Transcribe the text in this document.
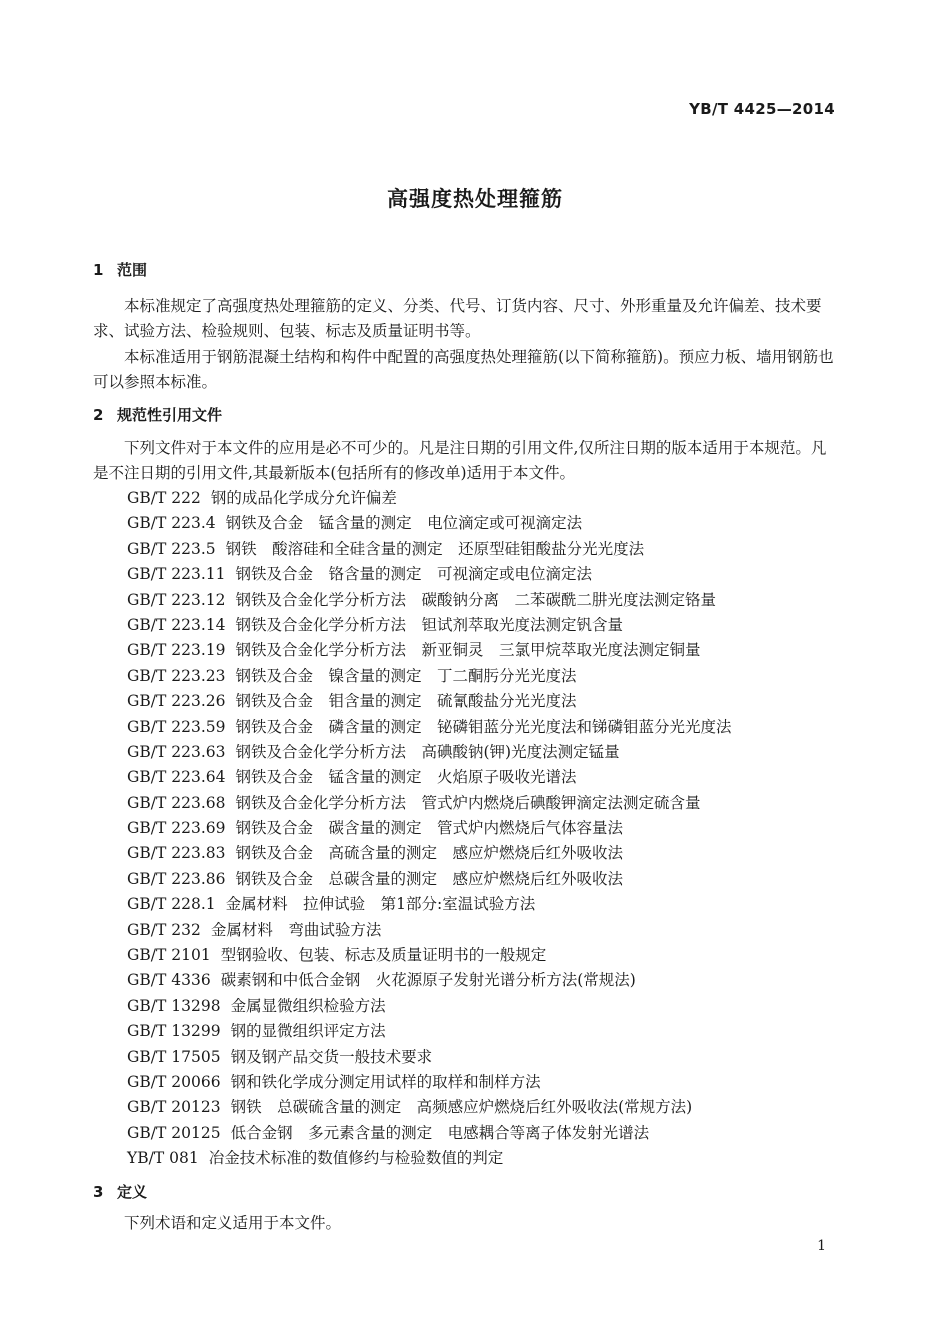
YB/T 4425—2014
高强度热处理箍筋
1 范围
本标准规定了高强度热处理箍筋的定义、分类、代号、订货内容、尺寸、外形重量及允许偏差、技术要求、试验方法、检验规则、包装、标志及质量证明书等。
本标准适用于钢筋混凝土结构和构件中配置的高强度热处理箍筋(以下简称箍筋)。预应力板、墙用钢筋也可以参照本标准。
2 规范性引用文件
下列文件对于本文件的应用是必不可少的。凡是注日期的引用文件,仅所注日期的版本适用于本规范。凡是不注日期的引用文件,其最新版本(包括所有的修改单)适用于本文件。
GB/T 222 钢的成品化学成分允许偏差
GB/T 223.4 钢铁及合金　锰含量的测定　电位滴定或可视滴定法
GB/T 223.5 钢铁　酸溶硅和全硅含量的测定　还原型硅钼酸盐分光光度法
GB/T 223.11 钢铁及合金　铬含量的测定　可视滴定或电位滴定法
GB/T 223.12 钢铁及合金化学分析方法　碳酸钠分离　二苯碳酰二肼光度法测定铬量
GB/T 223.14 钢铁及合金化学分析方法　钽试剂萃取光度法测定钒含量
GB/T 223.19 钢铁及合金化学分析方法　新亚铜灵　三氯甲烷萃取光度法测定铜量
GB/T 223.23 钢铁及合金　镍含量的测定　丁二酮肟分光光度法
GB/T 223.26 钢铁及合金　钼含量的测定　硫氰酸盐分光光度法
GB/T 223.59 钢铁及合金　磷含量的测定　铋磷钼蓝分光光度法和锑磷钼蓝分光光度法
GB/T 223.63 钢铁及合金化学分析方法　高碘酸钠(钾)光度法测定锰量
GB/T 223.64 钢铁及合金　锰含量的测定　火焰原子吸收光谱法
GB/T 223.68 钢铁及合金化学分析方法　管式炉内燃烧后碘酸钾滴定法测定硫含量
GB/T 223.69 钢铁及合金　碳含量的测定　管式炉内燃烧后气体容量法
GB/T 223.83 钢铁及合金　高硫含量的测定　感应炉燃烧后红外吸收法
GB/T 223.86 钢铁及合金　总碳含量的测定　感应炉燃烧后红外吸收法
GB/T 228.1 金属材料　拉伸试验　第1部分:室温试验方法
GB/T 232 金属材料　弯曲试验方法
GB/T 2101 型钢验收、包装、标志及质量证明书的一般规定
GB/T 4336 碳素钢和中低合金钢　火花源原子发射光谱分析方法(常规法)
GB/T 13298 金属显微组织检验方法
GB/T 13299 钢的显微组织评定方法
GB/T 17505 钢及钢产品交货一般技术要求
GB/T 20066 钢和铁化学成分测定用试样的取样和制样方法
GB/T 20123 钢铁　总碳硫含量的测定　高频感应炉燃烧后红外吸收法(常规方法)
GB/T 20125 低合金钢　多元素含量的测定　电感耦合等离子体发射光谱法
YB/T 081 冶金技术标准的数值修约与检验数值的判定
3 定义
下列术语和定义适用于本文件。
1
